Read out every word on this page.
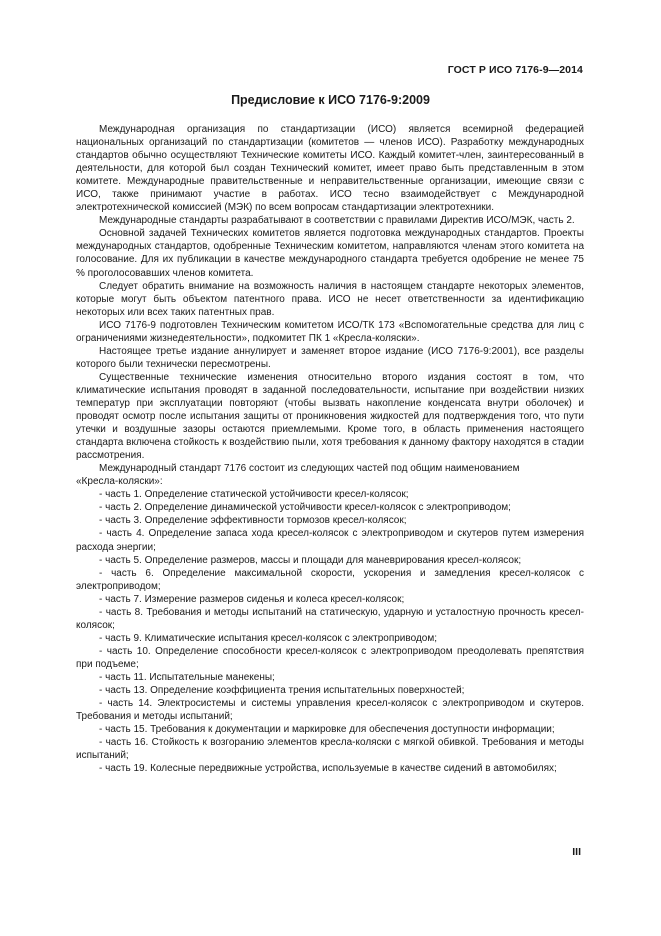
ГОСТ Р ИСО 7176-9—2014
Предисловие к ИСО 7176-9:2009

Международная организация по стандартизации (ИСО) является всемирной федерацией национальных организаций по стандартизации (комитетов — членов ИСО). Разработку международных стандартов обычно осуществляют Технические комитеты ИСО. Каждый комитет-член, заинтересованный в деятельности, для которой был создан Технический комитет, имеет право быть представленным в этом комитете. Международные правительственные и неправительственные организации, имеющие связи с ИСО, также принимают участие в работах. ИСО тесно взаимодействует с Международной электротехнической комиссией (МЭК) по всем вопросам стандартизации электротехники.

Международные стандарты разрабатывают в соответствии с правилами Директив ИСО/МЭК, часть 2.

Основной задачей Технических комитетов является подготовка международных стандартов. Проекты международных стандартов, одобренные Техническим комитетом, направляются членам этого комитета на голосование. Для их публикации в качестве международного стандарта требуется одобрение не менее 75 % проголосовавших членов комитета.

Следует обратить внимание на возможность наличия в настоящем стандарте некоторых элементов, которые могут быть объектом патентного права. ИСО не несет ответственности за идентификацию некоторых или всех таких патентных прав.

ИСО 7176-9 подготовлен Техническим комитетом ИСО/ТК 173 «Вспомогательные средства для лиц с ограничениями жизнедеятельности», подкомитет ПК 1 «Кресла-коляски».

Настоящее третье издание аннулирует и заменяет второе издание (ИСО 7176-9:2001), все разделы которого были технически пересмотрены.

Существенные технические изменения относительно второго издания состоят в том, что климатические испытания проводят в заданной последовательности, испытание при воздействии низких температур при эксплуатации повторяют (чтобы вызвать накопление конденсата внутри оболочек) и проводят осмотр после испытания защиты от проникновения жидкостей для подтверждения того, что пути утечки и воздушные зазоры остаются приемлемыми. Кроме того, в область применения настоящего стандарта включена стойкость к воздействию пыли, хотя требования к данному фактору находятся в стадии рассмотрения.

Международный стандарт 7176 состоит из следующих частей под общим наименованием

«Кресла-коляски»:

- часть 1. Определение статической устойчивости кресел-колясок;

- часть 2. Определение динамической устойчивости кресел-колясок с электроприводом;

- часть 3. Определение эффективности тормозов кресел-колясок;

- часть 4. Определение запаса хода кресел-колясок с электроприводом и скутеров путем измерения расхода энергии;

- часть 5. Определение размеров, массы и площади для маневрирования кресел-колясок;

- часть 6. Определение максимальной скорости, ускорения и замедления кресел-колясок с электроприводом;

- часть 7. Измерение размеров сиденья и колеса кресел-колясок;

- часть 8. Требования и методы испытаний на статическую, ударную и усталостную прочность кресел-колясок;

- часть 9. Климатические испытания кресел-колясок с электроприводом;

- часть 10. Определение способности кресел-колясок с электроприводом преодолевать препятствия при подъеме;

- часть 11. Испытательные манекены;

- часть 13. Определение коэффициента трения испытательных поверхностей;

- часть 14. Электросистемы и системы управления кресел-колясок с электроприводом и скутеров. Требования и методы испытаний;

- часть 15. Требования к документации и маркировке для обеспечения доступности информации;

- часть 16. Стойкость к возгоранию элементов кресла-коляски с мягкой обивкой. Требования и методы испытаний;

- часть 19. Колесные передвижные устройства, используемые в качестве сидений в автомобилях;

III
